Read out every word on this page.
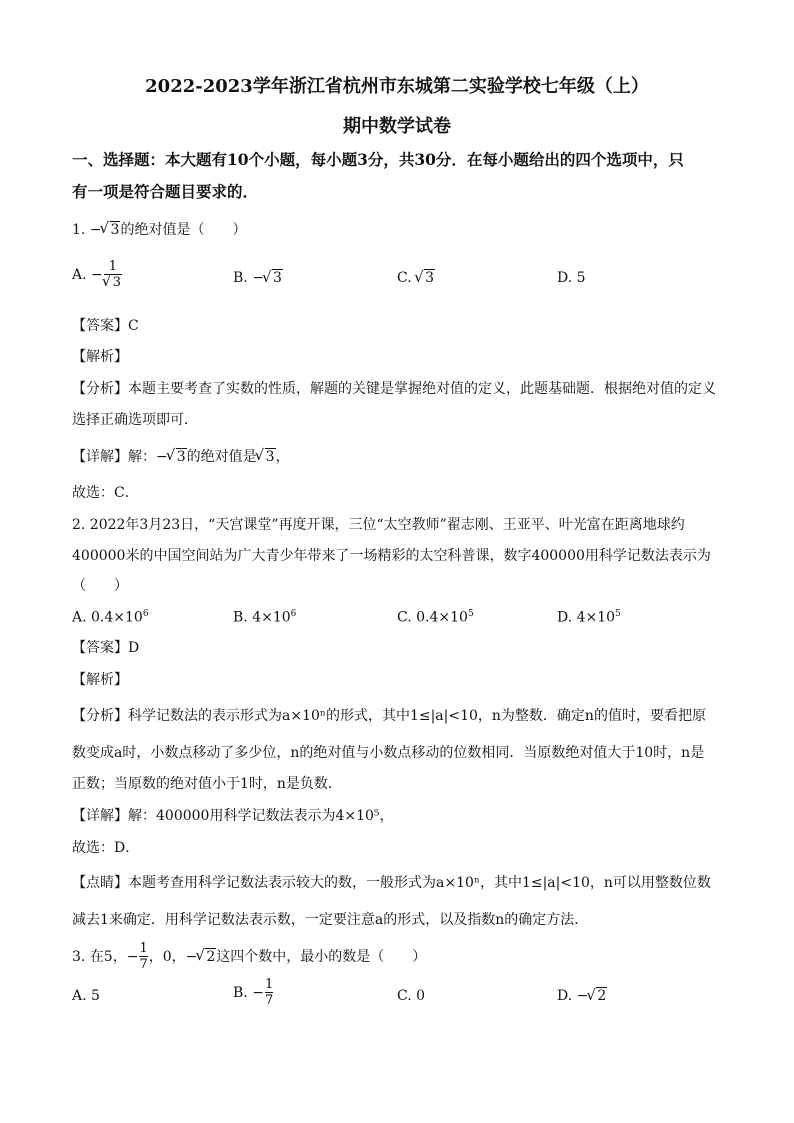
2022-2023学年浙江省杭州市东城第二实验学校七年级（上）
期中数学试卷
一、选择题：本大题有10个小题，每小题3分，共30分．在每小题给出的四个选项中，只
有一项是符合题目要求的．
1. − √ 3的绝对值是（　　）
A. − 1
√ 3	B. − √ 3	C. √ 3	D. 5
【答案】C
【解析】
【分析】本题主要考查了实数的性质，解题的关键是掌握绝对值的定义，此题基础题．根据绝对值的定义
选择正确选项即可．
【详解】解：− √ 3的绝对值是 √ 3，
故选：C．
2. 2022年3月23日，“天宫课堂”再度开课，三位“太空教师”翟志刚、王亚平、叶光富在距离地球约
400000米的中国空间站为广大青少年带来了一场精彩的太空科普课，数字400000用科学记数法表示为
（　　）
A. $0.4\times 10^6$	B. $4\times 10^6$	C. $0.4\times 10^5$	D. $4\times 10^5$
【答案】D
【解析】
【分析】科学记数法的表示形式为a×10ⁿ的形式，其中1≤|a|<10，n为整数．确定n的值时，要看把原
数变成a时，小数点移动了多少位，n的绝对值与小数点移动的位数相同．当原数绝对值大于10时，n是
正数；当原数的绝对值小于1时，n是负数．
【详解】解：400000用科学记数法表示为4×10⁵，
故选：D．
【点睛】本题考查用科学记数法表示较大的数，一般形式为a×10ⁿ，其中1≤|a|<10，n可以用整数位数
减去1来确定．用科学记数法表示数，一定要注意a的形式，以及指数n的确定方法．
3. 在5，− $\frac{1}{7}$ ，0，− √ 2这四个数中，最小的数是（　　）
A. 5	B. − $\frac{1}{7}$	C. 0	D. − √ 2
